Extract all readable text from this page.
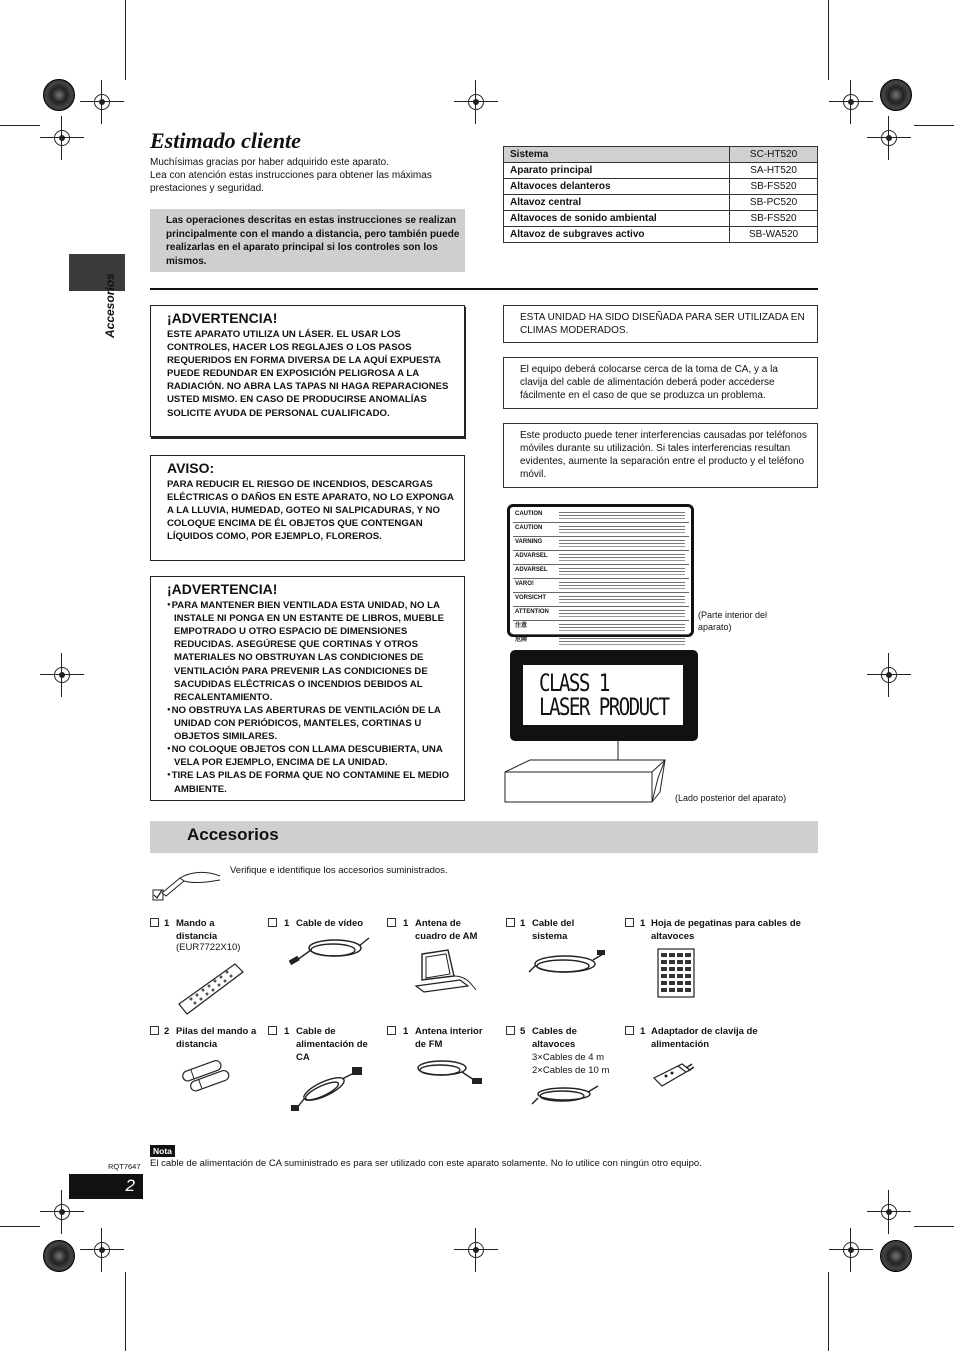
Estimado cliente
Muchísimas gracias por haber adquirido este aparato.
Lea con atención estas instrucciones para obtener las máximas prestaciones y seguridad.
Las operaciones descritas en estas instrucciones se realizan principalmente con el mando a distancia, pero también puede realizarlas en el aparato principal si los controles son los mismos.
Sistema	SC-HT520
Aparato principal	SA-HT520
Altavoces delanteros	SB-FS520
Altavoz central	SB-PC520
Altavoces de sonido ambiental	SB-FS520
Altavoz de subgraves activo	SB-WA520
Accesorios	¡ADVERTENCIA!
ESTE APARATO UTILIZA UN LÁSER. EL USAR LOS CONTROLES, HACER LOS REGLAJES O LOS PASOS REQUERIDOS EN FORMA DIVERSA DE LA AQUÍ EXPUESTA PUEDE REDUNDAR EN EXPOSICIÓN PELIGROSA A LA RADIACIÓN. NO ABRA LAS TAPAS NI HAGA REPARACIONES USTED MISMO. EN CASO DE PRODUCIRSE ANOMALÍAS SOLICITE AYUDA DE PERSONAL CUALIFICADO.
AVISO:
PARA REDUCIR EL RIESGO DE INCENDIOS, DESCARGAS ELÉCTRICAS O DAÑOS EN ESTE APARATO, NO LO EXPONGA A LA LLUVIA, HUMEDAD, GOTEO NI SALPICADURAS, Y NO COLOQUE ENCIMA DE ÉL OBJETOS QUE CONTENGAN LÍQUIDOS COMO, POR EJEMPLO, FLOREROS.
¡ADVERTENCIA!
● PARA MANTENER BIEN VENTILADA ESTA UNIDAD, NO LA INSTALE NI PONGA EN UN ESTANTE DE LIBROS, MUEBLE EMPOTRADO U OTRO ESPACIO DE DIMENSIONES REDUCIDAS. ASEGÚRESE QUE CORTINAS Y OTROS MATERIALES NO OBSTRUYAN LAS CONDICIONES DE VENTILACIÓN PARA PREVENIR LAS CONDICIONES DE SACUDIDAS ELÉCTRICAS O INCENDIOS DEBIDOS AL RECALENTAMIENTO.
● NO OBSTRUYA LAS ABERTURAS DE VENTILACIÓN DE LA UNIDAD CON PERIÓDICOS, MANTELES, CORTINAS U OBJETOS SIMILARES.
● NO COLOQUE OBJETOS CON LLAMA DESCUBIERTA, UNA VELA POR EJEMPLO, ENCIMA DE LA UNIDAD.
● TIRE LAS PILAS DE FORMA QUE NO CONTAMINE EL MEDIO AMBIENTE.
ESTA UNIDAD HA SIDO DISEÑADA PARA SER UTILIZADA EN CLIMAS MODERADOS.
El equipo deberá colocarse cerca de la toma de CA, y a la clavija del cable de alimentación deberá poder accederse fácilmente en el caso de que se produzca un problema.
Este producto puede tener interferencias causadas por teléfonos móviles durante su utilización. Si tales interferencias resultan evidentes, aumente la separación entre el producto y el teléfono móvil.
CAUTION
CAUTION
VARNING
ADVARSEL
ADVARSEL
VARO!
VORSICHT
ATTENTION
注意
危険
(Parte interior del aparato)
CLASS 1
LASER PRODUCT
(Lado posterior del aparato)
Accesorios
Verifique e identifique los accesorios suministrados.
1 Mando a distancia
(EUR7722X10)
1 Cable de vídeo	1 Antena de cuadro de AM
1 Cable del sistema
1 Hoja de pegatinas para cables de altavoces
2 Pilas del mando a distancia
1 Cable de alimentación de CA
1 Antena interior de FM
5 Cables de altavoces
3×Cables de 4 m
2×Cables de 10 m
1 Adaptador de clavija de alimentación
Nota
El cable de alimentación de CA suministrado es para ser utilizado con este aparato solamente. No lo utilice con ningún otro equipo.
RQT7647
2
